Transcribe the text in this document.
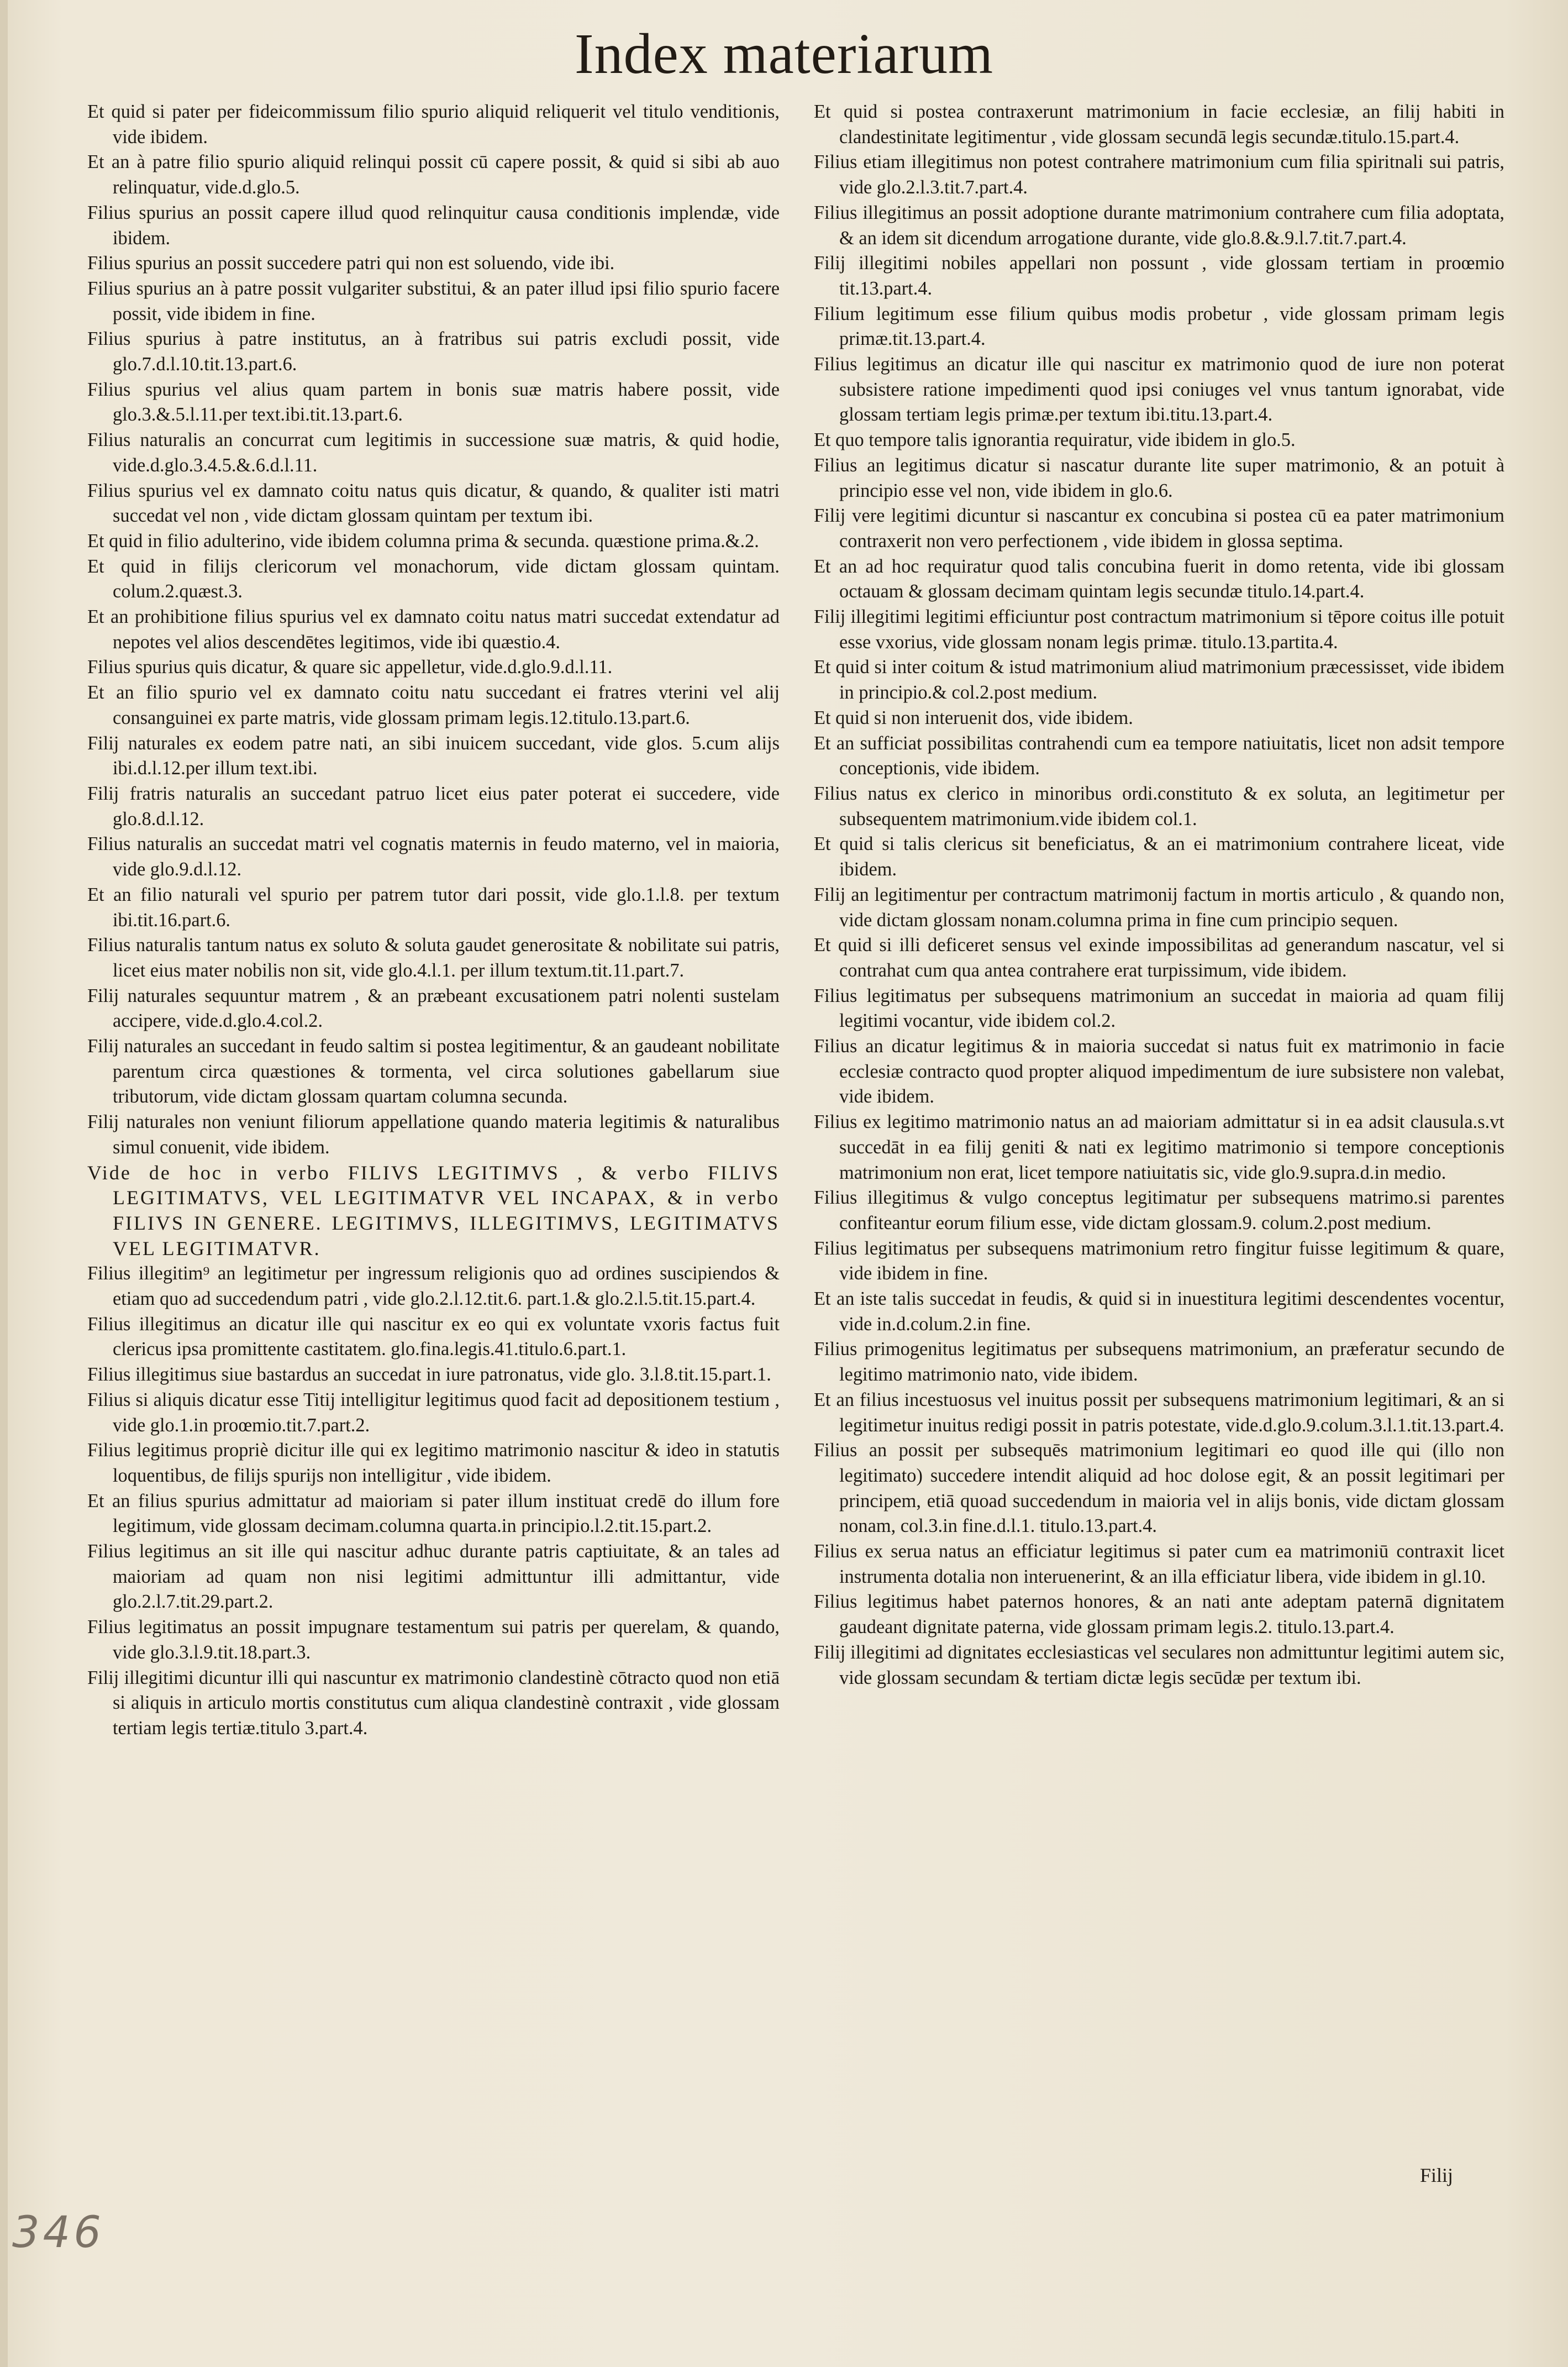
Index materiarum

Et quid si pater per fideicommissum filio spurio aliquid reliquerit vel titulo venditionis, vide ibidem.

Et an à patre filio spurio aliquid relinqui possit cū capere possit, & quid si sibi ab auo relinquatur, vide.d.glo.5.

Filius spurius an possit capere illud quod relinquitur causa conditionis implendæ, vide ibidem.

Filius spurius an possit succedere patri qui non est soluendo, vide ibi.

Filius spurius an à patre possit vulgariter substitui, & an pater illud ipsi filio spurio facere possit, vide ibidem in fine.

Filius spurius à patre institutus, an à fratribus sui patris excludi possit, vide glo.7.d.l.10.tit.13.part.6.

Filius spurius vel alius quam partem in bonis suæ matris habere possit, vide glo.3.&.5.l.11.per text.ibi.tit.13.part.6.

Filius naturalis an concurrat cum legitimis in successione suæ matris, & quid hodie, vide.d.glo.3.4.5.&.6.d.l.11.

Filius spurius vel ex damnato coitu natus quis dicatur, & quando, & qualiter isti matri succedat vel non , vide dictam glossam quintam per textum ibi.

Et quid in filio adulterino, vide ibidem columna prima & secunda. quæstione prima.&.2.

Et quid in filijs clericorum vel monachorum, vide dictam glossam quintam. colum.2.quæst.3.

Et an prohibitione filius spurius vel ex damnato coitu natus matri succedat extendatur ad nepotes vel alios descendētes legitimos, vide ibi quæstio.4.

Filius spurius quis dicatur, & quare sic appelletur, vide.d.glo.9.d.l.11.

Et an filio spurio vel ex damnato coitu natu succedant ei fratres vterini vel alij consanguinei ex parte matris, vide glossam primam legis.12.titulo.13.part.6.

Filij naturales ex eodem patre nati, an sibi inuicem succedant, vide glos. 5.cum alijs ibi.d.l.12.per illum text.ibi.

Filij fratris naturalis an succedant patruo licet eius pater poterat ei succedere, vide glo.8.d.l.12.

Filius naturalis an succedat matri vel cognatis maternis in feudo materno, vel in maioria, vide glo.9.d.l.12.

Et an filio naturali vel spurio per patrem tutor dari possit, vide glo.1.l.8. per textum ibi.tit.16.part.6.

Filius naturalis tantum natus ex soluto & soluta gaudet generositate & nobilitate sui patris, licet eius mater nobilis non sit, vide glo.4.l.1. per illum textum.tit.11.part.7.

Filij naturales sequuntur matrem , & an præbeant excusationem patri nolenti sustelam accipere, vide.d.glo.4.col.2.

Filij naturales an succedant in feudo saltim si postea legitimentur, & an gaudeant nobilitate parentum circa quæstiones & tormenta, vel circa solutiones gabellarum siue tributorum, vide dictam glossam quartam columna secunda.

Filij naturales non veniunt filiorum appellatione quando materia legitimis & naturalibus simul conuenit, vide ibidem.

Vide de hoc in verbo FILIVS LEGITIMVS , & verbo FILIVS LEGITIMATVS, VEL LEGITIMATVR VEL INCAPAX, & in verbo FILIVS IN GENERE. LEGITIMVS, ILLEGITIMVS, LEGITIMATVS VEL LEGITIMATVR.

Filius illegitim⁹ an legitimetur per ingressum religionis quo ad ordines suscipiendos & etiam quo ad succedendum patri , vide glo.2.l.12.tit.6. part.1.& glo.2.l.5.tit.15.part.4.

Filius illegitimus an dicatur ille qui nascitur ex eo qui ex voluntate vxoris factus fuit clericus ipsa promittente castitatem. glo.fina.legis.41.titulo.6.part.1.

Filius illegitimus siue bastardus an succedat in iure patronatus, vide glo. 3.l.8.tit.15.part.1.

Filius si aliquis dicatur esse Titij intelligitur legitimus quod facit ad depositionem testium , vide glo.1.in proœmio.tit.7.part.2.

Filius legitimus propriè dicitur ille qui ex legitimo matrimonio nascitur & ideo in statutis loquentibus, de filijs spurijs non intelligitur , vide ibidem.

Et an filius spurius admittatur ad maioriam si pater illum instituat credē do illum fore legitimum, vide glossam decimam.columna quarta.in principio.l.2.tit.15.part.2.

Filius legitimus an sit ille qui nascitur adhuc durante patris captiuitate, & an tales ad maioriam ad quam non nisi legitimi admittuntur illi admittantur, vide glo.2.l.7.tit.29.part.2.

Filius legitimatus an possit impugnare testamentum sui patris per querelam, & quando, vide glo.3.l.9.tit.18.part.3.

Filij illegitimi dicuntur illi qui nascuntur ex matrimonio clandestinè cōtracto quod non etiā si aliquis in articulo mortis constitutus cum aliqua clandestinè contraxit , vide glossam tertiam legis tertiæ.titulo 3.part.4.

Et quid si postea contraxerunt matrimonium in facie ecclesiæ, an filij habiti in clandestinitate legitimentur , vide glossam secundā legis secundæ.titulo.15.part.4.

Filius etiam illegitimus non potest contrahere matrimonium cum filia spiritnali sui patris, vide glo.2.l.3.tit.7.part.4.

Filius illegitimus an possit adoptione durante matrimonium contrahere cum filia adoptata, & an idem sit dicendum arrogatione durante, vide glo.8.&.9.l.7.tit.7.part.4.

Filij illegitimi nobiles appellari non possunt , vide glossam tertiam in proœmio tit.13.part.4.

Filium legitimum esse filium quibus modis probetur , vide glossam primam legis primæ.tit.13.part.4.

Filius legitimus an dicatur ille qui nascitur ex matrimonio quod de iure non poterat subsistere ratione impedimenti quod ipsi coniuges vel vnus tantum ignorabat, vide glossam tertiam legis primæ.per textum ibi.titu.13.part.4.

Et quo tempore talis ignorantia requiratur, vide ibidem in glo.5.

Filius an legitimus dicatur si nascatur durante lite super matrimonio, & an potuit à principio esse vel non, vide ibidem in glo.6.

Filij vere legitimi dicuntur si nascantur ex concubina si postea cū ea pater matrimonium contraxerit non vero perfectionem , vide ibidem in glossa septima.

Et an ad hoc requiratur quod talis concubina fuerit in domo retenta, vide ibi glossam octauam & glossam decimam quintam legis secundæ titulo.14.part.4.

Filij illegitimi legitimi efficiuntur post contractum matrimonium si tēpore coitus ille potuit esse vxorius, vide glossam nonam legis primæ. titulo.13.partita.4.

Et quid si inter coitum & istud matrimonium aliud matrimonium præcessisset, vide ibidem in principio.& col.2.post medium.

Et quid si non interuenit dos, vide ibidem.

Et an sufficiat possibilitas contrahendi cum ea tempore natiuitatis, licet non adsit tempore conceptionis, vide ibidem.

Filius natus ex clerico in minoribus ordi.constituto & ex soluta, an legitimetur per subsequentem matrimonium.vide ibidem col.1.

Et quid si talis clericus sit beneficiatus, & an ei matrimonium contrahere liceat, vide ibidem.

Filij an legitimentur per contractum matrimonij factum in mortis articulo , & quando non, vide dictam glossam nonam.columna prima in fine cum principio sequen.

Et quid si illi deficeret sensus vel exinde impossibilitas ad generandum nascatur, vel si contrahat cum qua antea contrahere erat turpissimum, vide ibidem.

Filius legitimatus per subsequens matrimonium an succedat in maioria ad quam filij legitimi vocantur, vide ibidem col.2.

Filius an dicatur legitimus & in maioria succedat si natus fuit ex matrimonio in facie ecclesiæ contracto quod propter aliquod impedimentum de iure subsistere non valebat, vide ibidem.

Filius ex legitimo matrimonio natus an ad maioriam admittatur si in ea adsit clausula.s.vt succedāt in ea filij geniti & nati ex legitimo matrimonio si tempore conceptionis matrimonium non erat, licet tempore natiuitatis sic, vide glo.9.supra.d.in medio.

Filius illegitimus & vulgo conceptus legitimatur per subsequens matrimo.si parentes confiteantur eorum filium esse, vide dictam glossam.9. colum.2.post medium.

Filius legitimatus per subsequens matrimonium retro fingitur fuisse legitimum & quare, vide ibidem in fine.

Et an iste talis succedat in feudis, & quid si in inuestitura legitimi descendentes vocentur, vide in.d.colum.2.in fine.

Filius primogenitus legitimatus per subsequens matrimonium, an præferatur secundo de legitimo matrimonio nato, vide ibidem.

Et an filius incestuosus vel inuitus possit per subsequens matrimonium legitimari, & an si legitimetur inuitus redigi possit in patris potestate, vide.d.glo.9.colum.3.l.1.tit.13.part.4.

Filius an possit per subsequēs matrimonium legitimari eo quod ille qui (illo non legitimato) succedere intendit aliquid ad hoc dolose egit, & an possit legitimari per principem, etiā quoad succedendum in maioria vel in alijs bonis, vide dictam glossam nonam, col.3.in fine.d.l.1. titulo.13.part.4.

Filius ex serua natus an efficiatur legitimus si pater cum ea matrimoniū contraxit licet instrumenta dotalia non interuenerint, & an illa efficiatur libera, vide ibidem in gl.10.

Filius legitimus habet paternos honores, & an nati ante adeptam paternā dignitatem gaudeant dignitate paterna, vide glossam primam legis.2. titulo.13.part.4.

Filij illegitimi ad dignitates ecclesiasticas vel seculares non admittuntur legitimi autem sic, vide glossam secundam & tertiam dictæ legis secūdæ per textum ibi.

Filij
346
